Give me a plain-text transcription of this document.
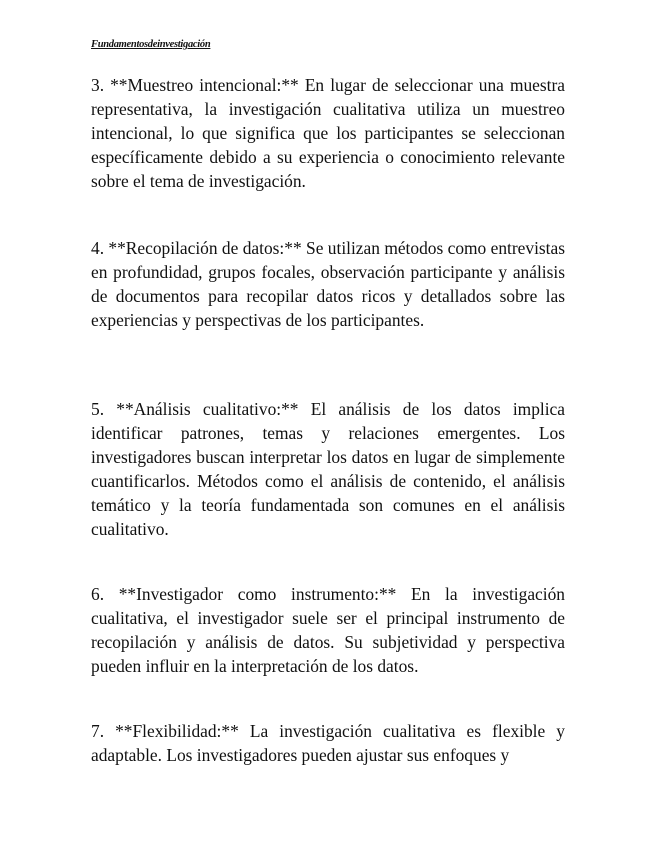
Fundamentosdeinvestigación

3. **Muestreo intencional:** En lugar de seleccionar una muestra representativa, la investigación cualitativa utiliza un muestreo intencional, lo que significa que los participantes se seleccionan específicamente debido a su experiencia o conocimiento relevante sobre el tema de investigación.

4. **Recopilación de datos:** Se utilizan métodos como entrevistas en profundidad, grupos focales, observación participante y análisis de documentos para recopilar datos ricos y detallados sobre las experiencias y perspectivas de los participantes.

5. **Análisis cualitativo:** El análisis de los datos implica identificar patrones, temas y relaciones emergentes. Los investigadores buscan interpretar los datos en lugar de simplemente cuantificarlos. Métodos como el análisis de contenido, el análisis temático y la teoría fundamentada son comunes en el análisis cualitativo.

6. **Investigador como instrumento:** En la investigación cualitativa, el investigador suele ser el principal instrumento de recopilación y análisis de datos. Su subjetividad y perspectiva pueden influir en la interpretación de los datos.

7. **Flexibilidad:** La investigación cualitativa es flexible y adaptable. Los investigadores pueden ajustar sus enfoques y
